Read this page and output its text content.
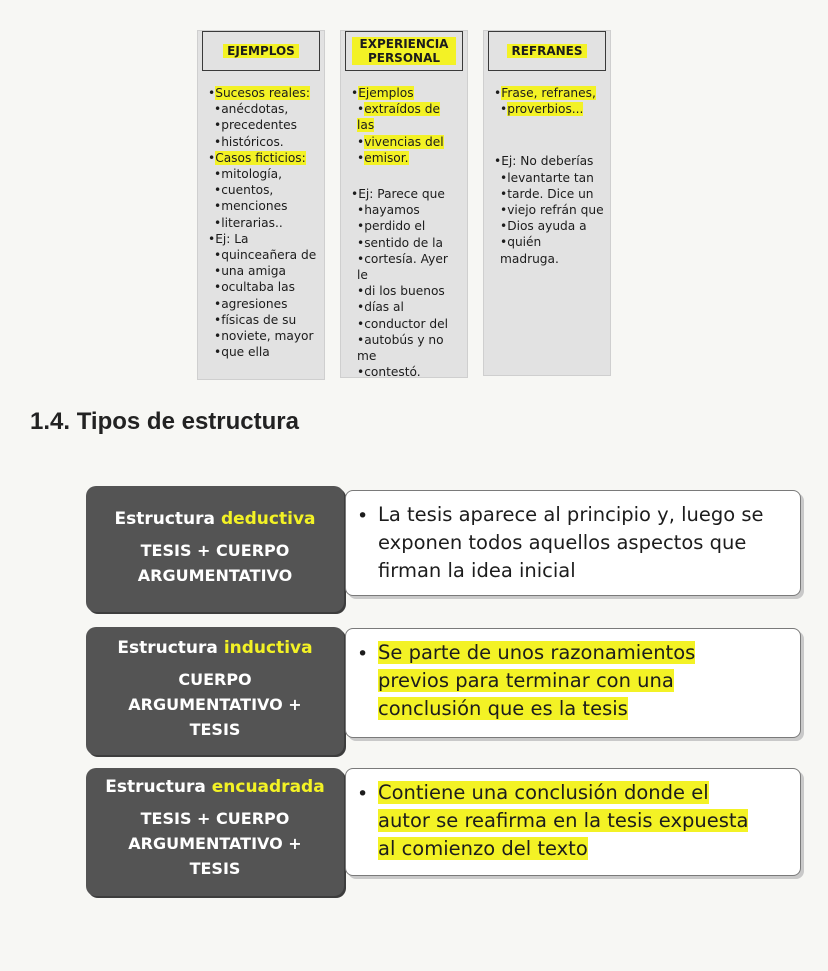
EJEMPLOS
• Sucesos reales:
• anécdotas,
• precedentes
• históricos.
• Casos ficticios:
• mitología,
• cuentos,
• menciones
• literarias..
• Ej: La
• quinceañera de
• una amiga
• ocultaba las
• agresiones
• físicas de su
• noviete, mayor
• que ella
EXPERIENCIA
PERSONAL
• Ejemplos
• extraídos de las
• vivencias del
• emisor.
• Ej: Parece que
• hayamos
• perdido el
• sentido de la
• cortesía. Ayer le
• di los buenos
• días al
• conductor del
• autobús y no me
• contestó.
REFRANES
• Frase, refranes,
• proverbios...
• Ej: No deberías
• levantarte tan
• tarde. Dice un
• viejo refrán que
• Dios ayuda a
• quién madruga.
1.4. Tipos de estructura
Estructura deductiva
TESIS + CUERPO
ARGUMENTATIVO
• La tesis aparece al principio y, luego se
exponen todos aquellos aspectos que
firman la idea inicial
Estructura inductiva
CUERPO
ARGUMENTATIVO +
TESIS
• Se parte de unos razonamientos
previos para terminar con una
conclusión que es la tesis
Estructura encuadrada
TESIS + CUERPO
ARGUMENTATIVO +
TESIS
• Contiene una conclusión donde el
autor se reafirma en la tesis expuesta
al comienzo del texto
